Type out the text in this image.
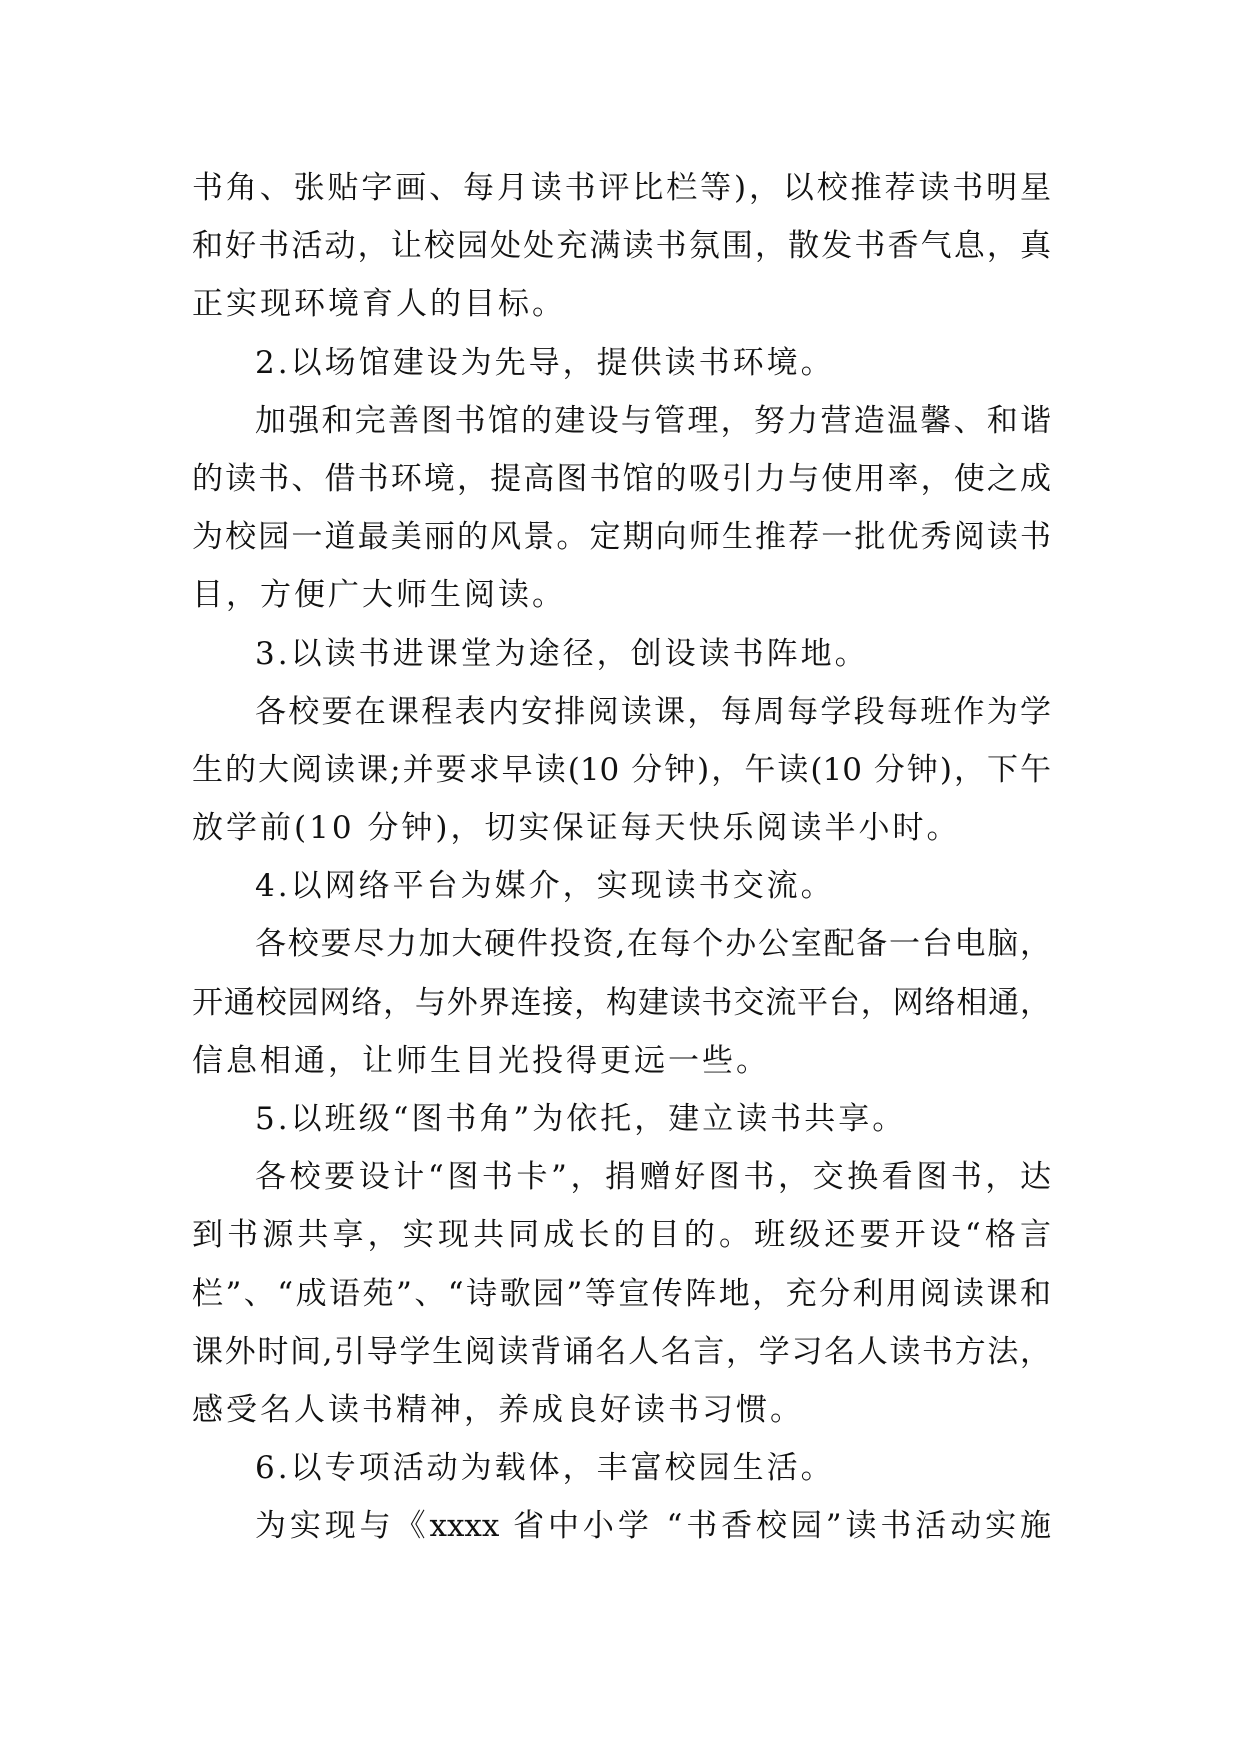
书角、张贴字画、每月读书评比栏等)，以校推荐读书明星
和好书活动，让校园处处充满读书氛围，散发书香气息，真
正实现环境育人的目标。
2.以场馆建设为先导，提供读书环境。
加强和完善图书馆的建设与管理，努力营造温馨、和谐
的读书、借书环境，提高图书馆的吸引力与使用率，使之成
为校园一道最美丽的风景。定期向师生推荐一批优秀阅读书
目，方便广大师生阅读。
3.以读书进课堂为途径，创设读书阵地。
各校要在课程表内安排阅读课，每周每学段每班作为学
生的大阅读课;并要求早读(10 分钟)，午读(10 分钟)，下午
放学前(10 分钟)，切实保证每天快乐阅读半小时。
4.以网络平台为媒介，实现读书交流。
各校要尽力加大硬件投资,在每个办公室配备一台电脑，
开通校园网络，与外界连接，构建读书交流平台，网络相通，
信息相通，让师生目光投得更远一些。
5.以班级“图书角”为依托，建立读书共享。
各校要设计“图书卡”，捐赠好图书，交换看图书，达
到书源共享，实现共同成长的目的。班级还要开设“格言
栏”、“成语苑”、“诗歌园”等宣传阵地，充分利用阅读课和
课外时间,引导学生阅读背诵名人名言，学习名人读书方法，
感受名人读书精神，养成良好读书习惯。
6.以专项活动为载体，丰富校园生活。
为实现与《xxxx 省中小学 “书香校园”读书活动实施
